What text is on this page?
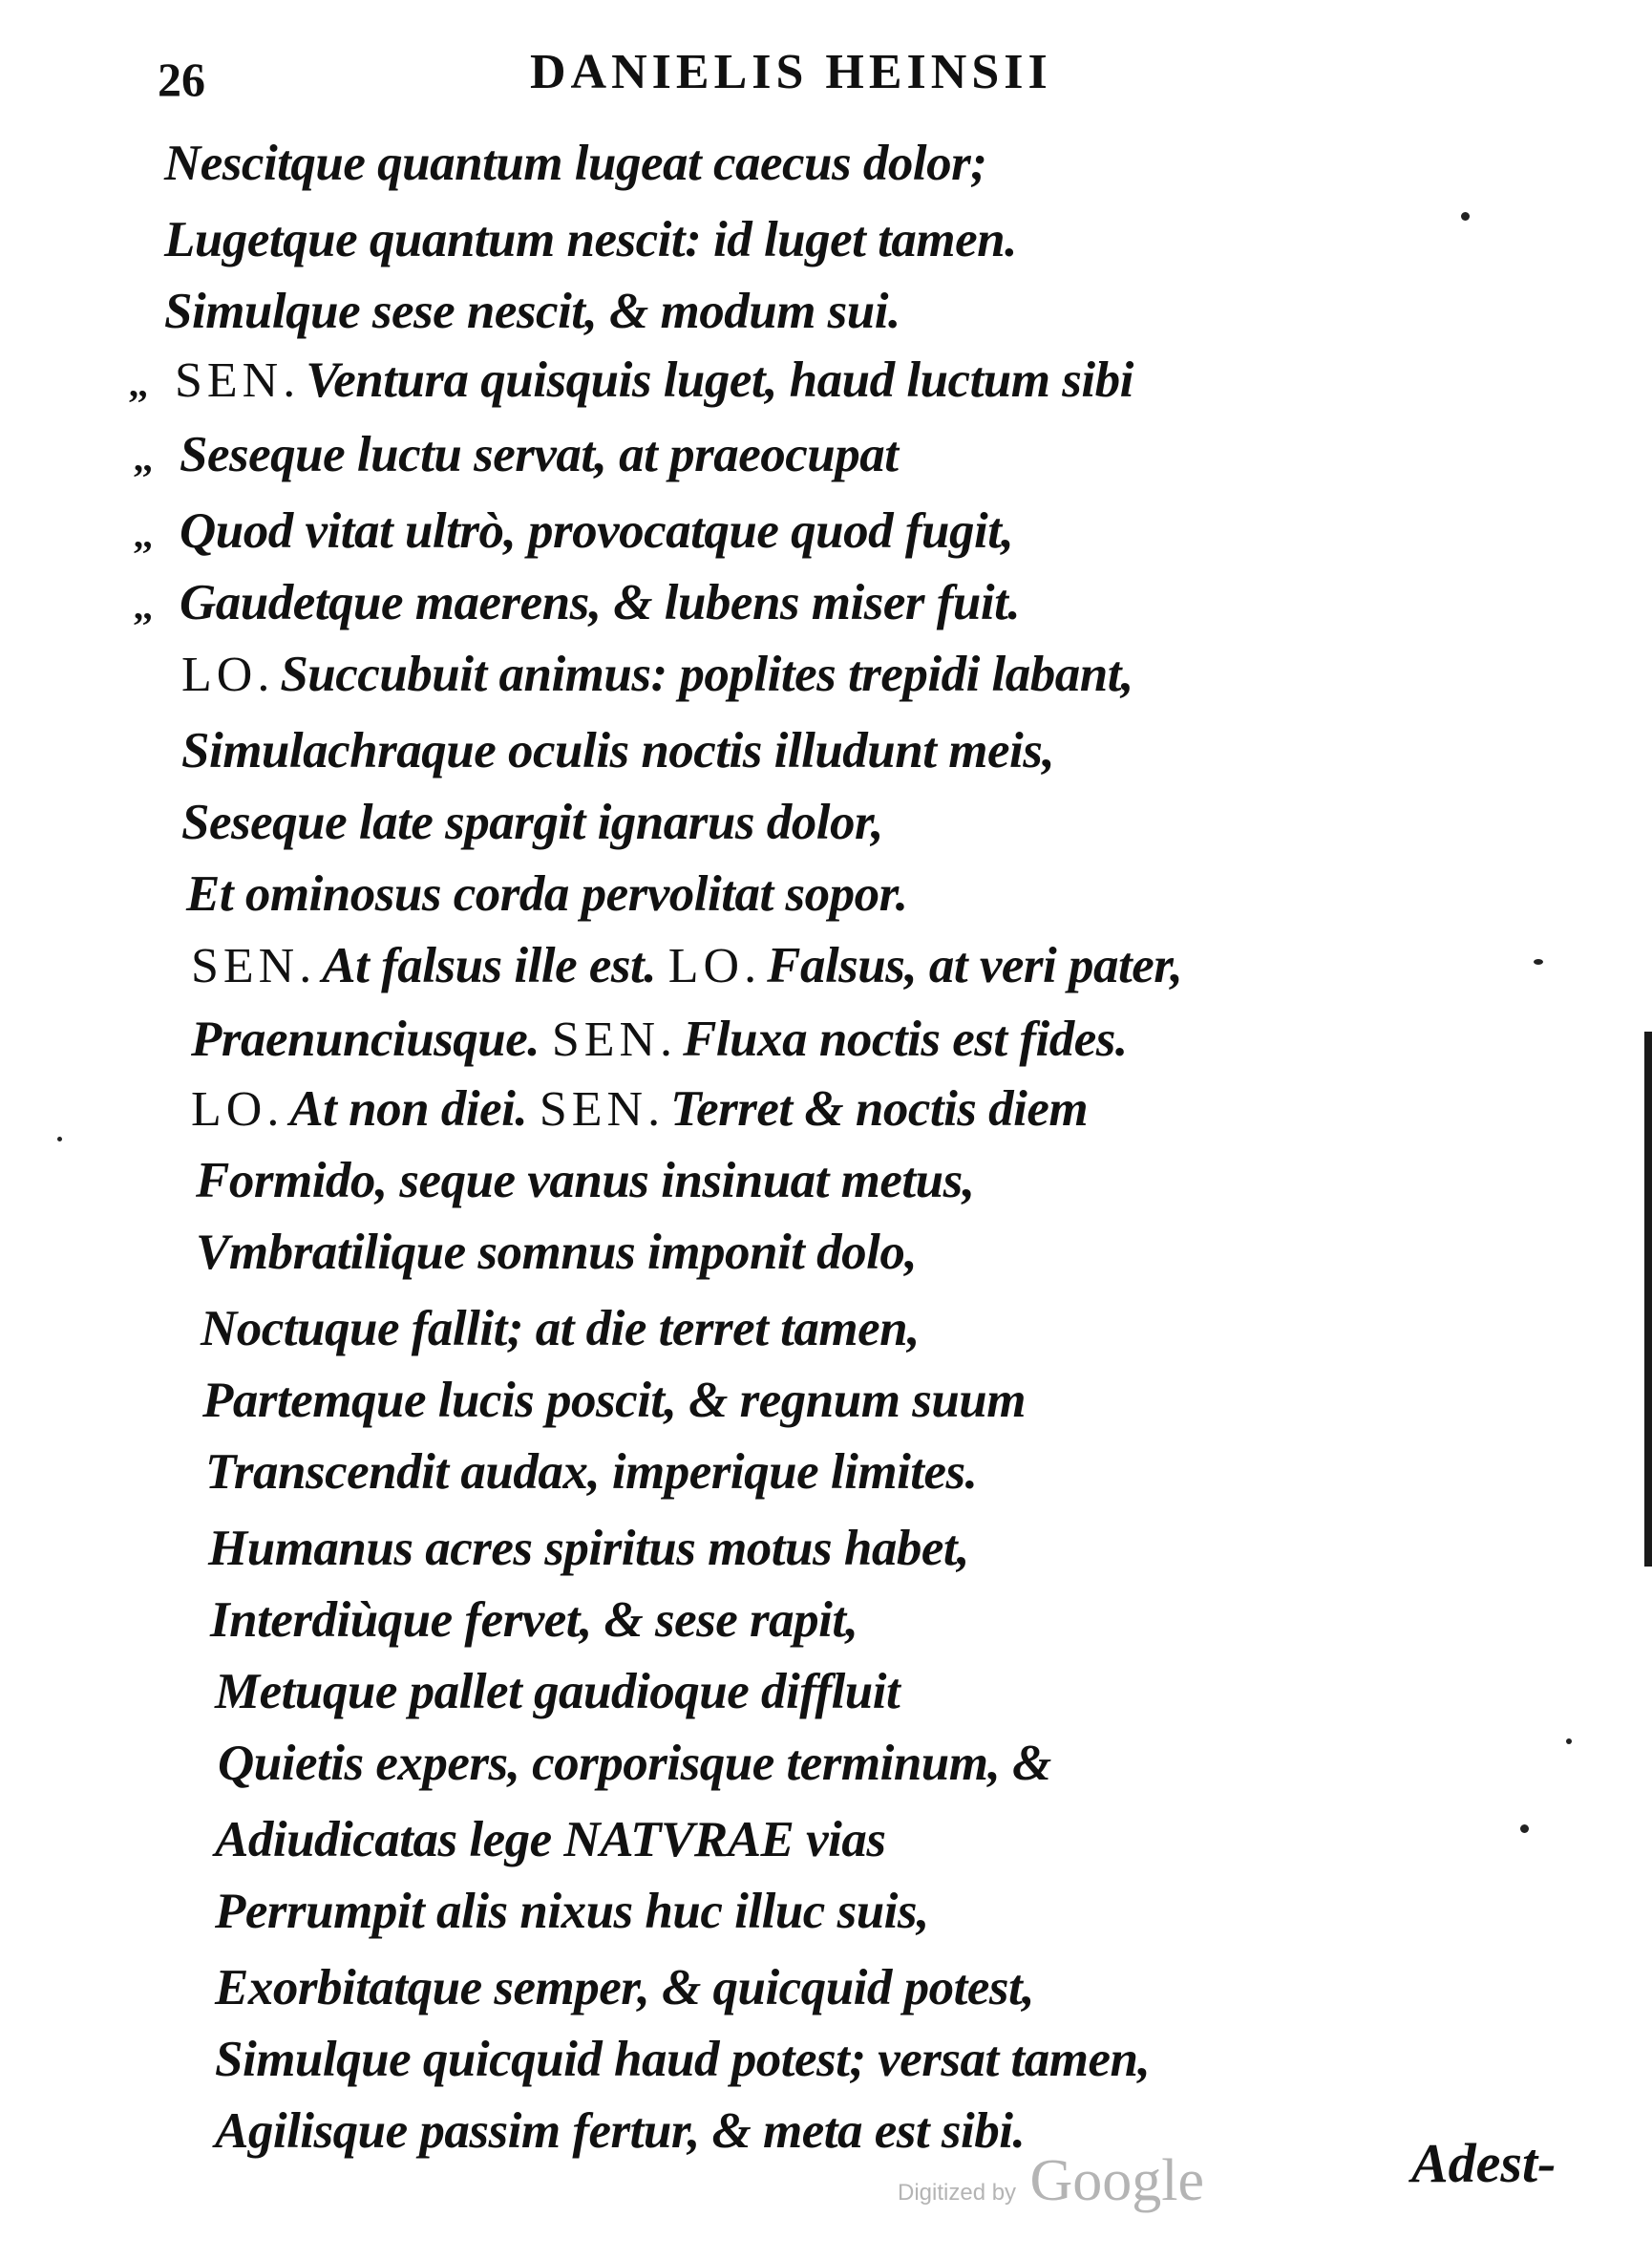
26	DANIELIS HEINSII
Nescitque quantum lugeat caecus dolor;
Lugetque quantum nescit: id luget tamen.
Simulque sese nescit, & modum sui.
,, SEN. Ventura quisquis luget, haud luctum sibi
,, Seseque luctu servat, at praeocupat
,, Quod vitat ultrò, provocatque quod fugit,
,, Gaudetque maerens, & lubens miser fuit.
LO. Succubuit animus: poplites trepidi labant,
Simulachraque oculis noctis illudunt meis,
Seseque late spargit ignarus dolor,
Et ominosus corda pervolitat sopor.
SEN. At falsus ille est. LO. Falsus, at veri pater,
Praenunciusque. SEN. Fluxa noctis est fides.
LO. At non diei. SEN. Terret & noctis diem
Formido, seque vanus insinuat metus,
Vmbratilique somnus imponit dolo,
Noctuque fallit; at die terret tamen,
Partemque lucis poscit, & regnum suum
Transcendit audax, imperique limites.
Humanus acres spiritus motus habet,
Interdiùque fervet, & sese rapit,
Metuque pallet gaudioque diffluit
Quietis expers, corporisque terminum, &
Adiudicatas lege NATVRAE vias
Perrumpit alis nixus huc illuc suis,
Exorbitatque semper, & quicquid potest,
Simulque quicquid haud potest; versat tamen,
Agilisque passim fertur, & meta est sibi.
Adest-
Digitized by Google
